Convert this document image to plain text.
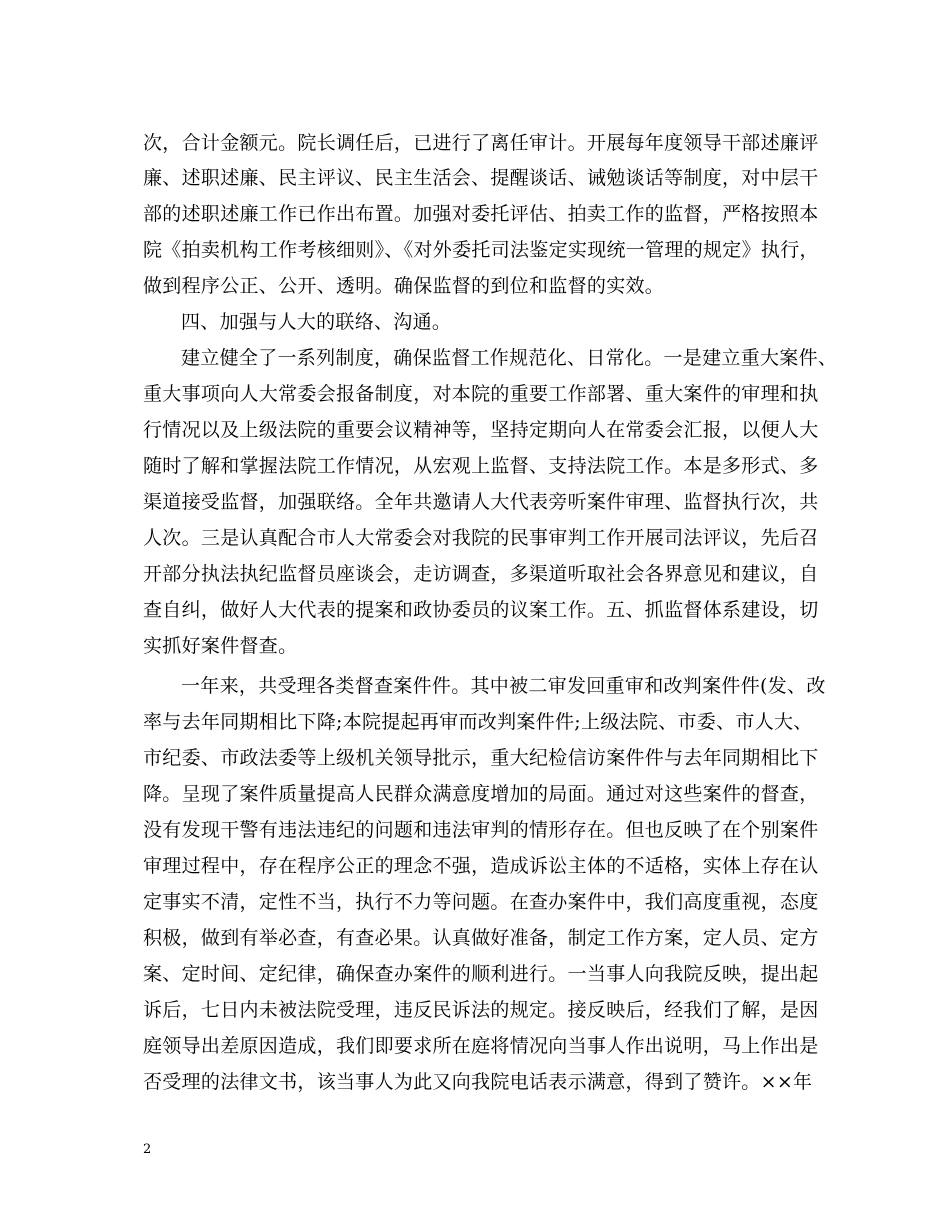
次，合计金额元。院长调任后，已进行了离任审计。开展每年度领导干部述廉评
廉、述职述廉、民主评议、民主生活会、提醒谈话、诫勉谈话等制度，对中层干
部的述职述廉工作已作出布置。加强对委托评估、拍卖工作的监督，严格按照本
院《拍卖机构工作考核细则》、《对外委托司法鉴定实现统一管理的规定》执行，
做到程序公正、公开、透明。确保监督的到位和监督的实效。
四、加强与人大的联络、沟通。
建立健全了一系列制度，确保监督工作规范化、日常化。一是建立重大案件、
重大事项向人大常委会报备制度，对本院的重要工作部署、重大案件的审理和执
行情况以及上级法院的重要会议精神等，坚持定期向人在常委会汇报，以便人大
随时了解和掌握法院工作情况，从宏观上监督、支持法院工作。本是多形式、多
渠道接受监督，加强联络。全年共邀请人大代表旁听案件审理、监督执行次，共
人次。三是认真配合市人大常委会对我院的民事审判工作开展司法评议，先后召
开部分执法执纪监督员座谈会，走访调查，多渠道听取社会各界意见和建议，自
查自纠，做好人大代表的提案和政协委员的议案工作。五、抓监督体系建设，切
实抓好案件督查。
一年来，共受理各类督查案件件。其中被二审发回重审和改判案件件(发、改
率与去年同期相比下降;本院提起再审而改判案件件;上级法院、市委、市人大、
市纪委、市政法委等上级机关领导批示，重大纪检信访案件件与去年同期相比下
降。呈现了案件质量提高人民群众满意度增加的局面。通过对这些案件的督查，
没有发现干警有违法违纪的问题和违法审判的情形存在。但也反映了在个别案件
审理过程中，存在程序公正的理念不强，造成诉讼主体的不适格，实体上存在认
定事实不清，定性不当，执行不力等问题。在查办案件中，我们高度重视，态度
积极，做到有举必查，有查必果。认真做好准备，制定工作方案，定人员、定方
案、定时间、定纪律，确保查办案件的顺利进行。一当事人向我院反映，提出起
诉后，七日内未被法院受理，违反民诉法的规定。接反映后，经我们了解，是因
庭领导出差原因造成，我们即要求所在庭将情况向当事人作出说明，马上作出是
否受理的法律文书，该当事人为此又向我院电话表示满意，得到了赞许。××年
2
